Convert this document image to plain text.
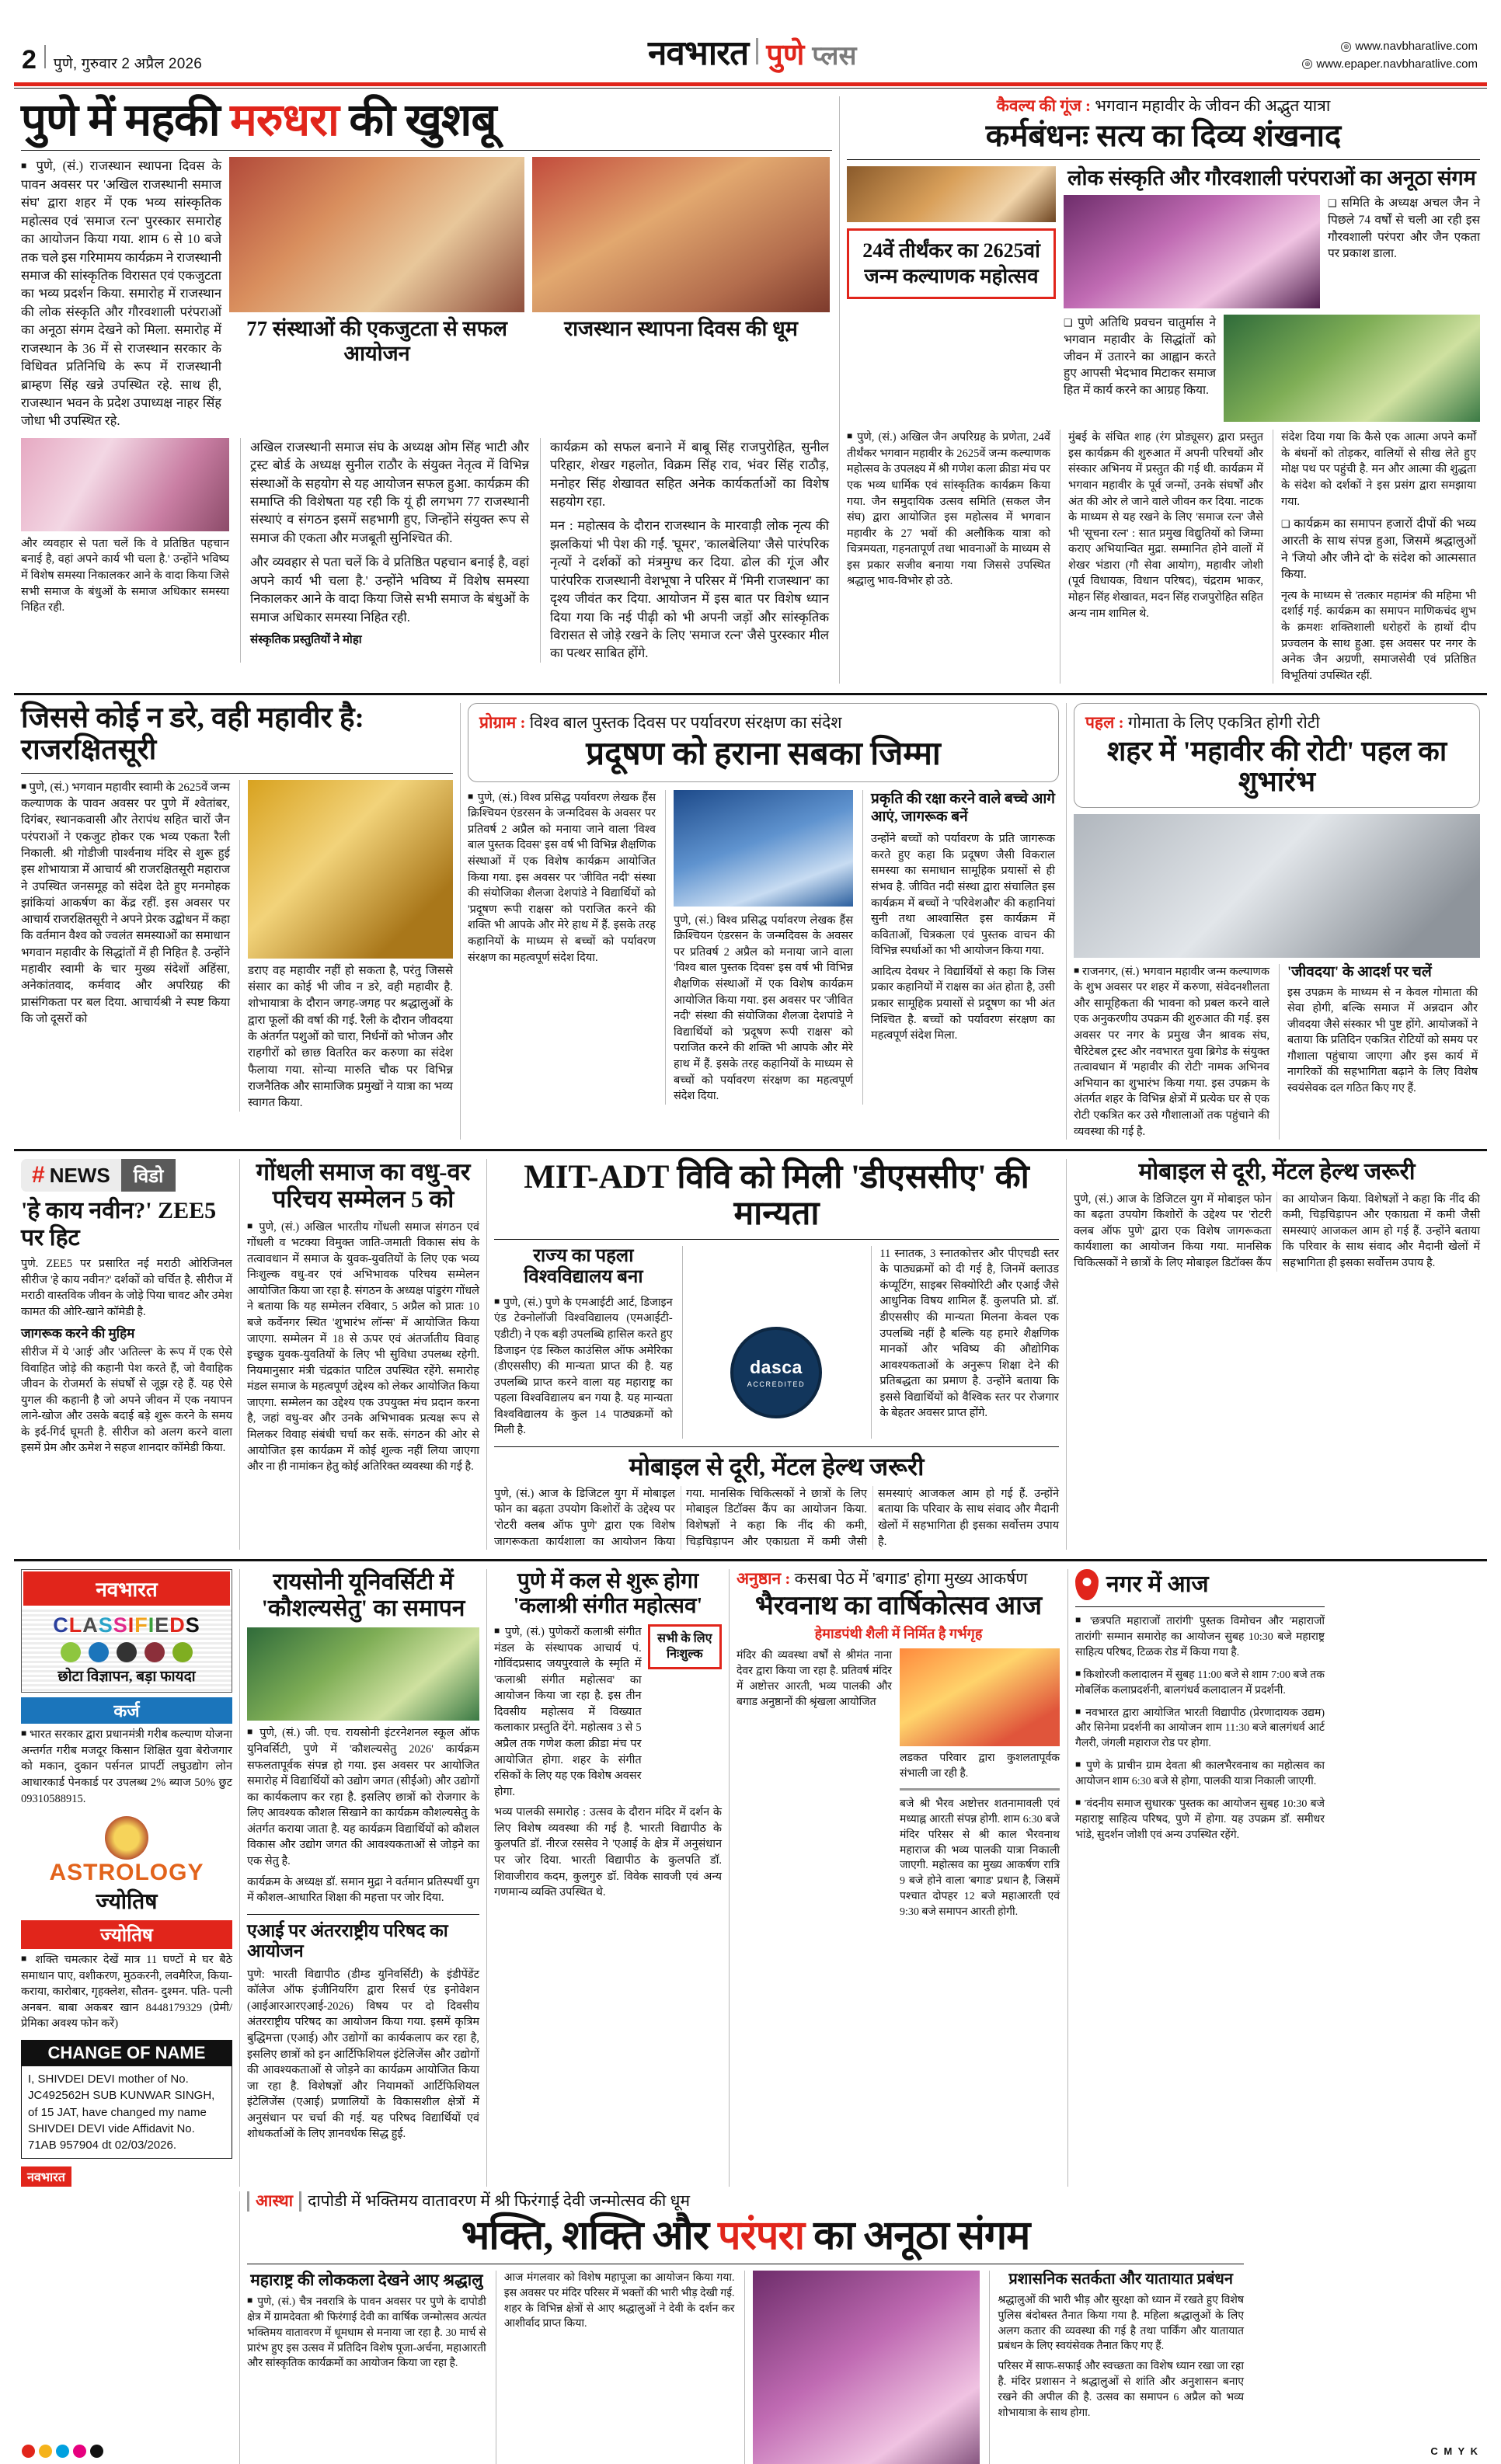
2 पुणे, गुरुवार 2 अप्रैल 2026	नवभारत पुणे प्लस	⊕ www.navbharatlive.com
⊕ www.epaper.navbharatlive.com
पुणे में महकी मरुधरा की खुशबू

■ पुणे, (सं.) राजस्थान स्थापना दिवस के पावन अवसर पर 'अखिल राजस्थानी समाज संघ' द्वारा शहर में एक भव्य सांस्कृतिक महोत्सव एवं 'समाज रत्न' पुरस्कार समारोह का आयोजन किया गया. शाम 6 से 10 बजे तक चले इस गरिमामय कार्यक्रम ने राजस्थानी समाज की सांस्कृतिक विरासत एवं एकजुटता का भव्य प्रदर्शन किया. समारोह में राजस्थान की लोक संस्कृति और गौरवशाली परंपराओं का अनूठा संगम देखने को मिला. समारोह में राजस्थान के 36 में से राजस्थान सरकार के विधिवत प्रतिनिधि के रूप में राजस्थानी ब्राम्हण सिंह खन्ने उपस्थित रहे. साथ ही, राजस्थान भवन के प्रदेश उपाध्यक्ष नाहर सिंह जोधा भी उपस्थित रहे.

77 संस्थाओं की एकजुटता से सफल आयोजन
राजस्थान स्थापना दिवस की धूम

और व्यवहार से पता चलें कि वे प्रतिष्ठित पहचान बनाई है, वहां अपने कार्य भी चला है.' उन्होंने भविष्य में विशेष समस्या निकालकर आने के वादा किया जिसे सभी समाज के बंधुओं के समाज अधिकार समस्या निहित रही.

अखिल राजस्थानी समाज संघ के अध्यक्ष ओम सिंह भाटी और ट्रस्ट बोर्ड के अध्यक्ष सुनील राठौर के संयुक्त नेतृत्व में विभिन्न संस्थाओं के सहयोग से यह आयोजन सफल हुआ. कार्यक्रम की समाप्ति की विशेषता यह रही कि यूं ही लगभग 77 राजस्थानी संस्थाएं व संगठन इसमें सहभागी हुए, जिन्होंने संयुक्त रूप से समाज की एकता और मजबूती सुनिश्चित की.

और व्यवहार से पता चलें कि वे प्रतिष्ठित पहचान बनाई है, वहां अपने कार्य भी चला है.' उन्होंने भविष्य में विशेष समस्या निकालकर आने के वादा किया जिसे सभी समाज के बंधुओं के समाज अधिकार समस्या निहित रही.

संस्कृतिक प्रस्तुतियों ने मोहा

कार्यक्रम को सफल बनाने में बाबू सिंह राजपुरोहित, सुनील परिहार, शेखर गहलोत, विक्रम सिंह राव, भंवर सिंह राठौड़, मनोहर सिंह शेखावत सहित अनेक कार्यकर्ताओं का विशेष सहयोग रहा.

मन : महोत्सव के दौरान राजस्थान के मारवाड़ी लोक नृत्य की झलकियां भी पेश की गईं. 'घूमर', 'कालबेलिया' जैसे पारंपरिक नृत्यों ने दर्शकों को मंत्रमुग्ध कर दिया. ढोल की गूंज और पारंपरिक राजस्थानी वेशभूषा ने परिसर में 'मिनी राजस्थान' का दृश्य जीवंत कर दिया. आयोजन में इस बात पर विशेष ध्यान दिया गया कि नई पीढ़ी को भी अपनी जड़ों और सांस्कृतिक विरासत से जोड़े रखने के लिए 'समाज रत्न' जैसे पुरस्कार मील का पत्थर साबित होंगे.

कैवल्य की गूंज : भगवान महावीर के जीवन की अद्भुत यात्रा
कर्मबंधनः सत्य का दिव्य शंखनाद
24वें तीर्थंकर का 2625वां जन्म कल्याणक महोत्सव
लोक संस्कृति और गौरवशाली परंपराओं का अनूठा संगम
❑ समिति के अध्यक्ष अचल जैन ने पिछले 74 वर्षों से चली आ रही इस गौरवशाली परंपरा और जैन एकता पर प्रकाश डाला.
❑ पुणे अतिथि प्रवचन चातुर्मास ने भगवान महावीर के सिद्धांतों को जीवन में उतारने का आह्वान करते हुए आपसी भेदभाव मिटाकर समाज हित में कार्य करने का आग्रह किया.

■ पुणे, (सं.) अखिल जैन अपरिग्रह के प्रणेता, 24वें तीर्थंकर भगवान महावीर के 2625वें जन्म कल्याणक महोत्सव के उपलक्ष्य में श्री गणेश कला क्रीडा मंच पर एक भव्य धार्मिक एवं सांस्कृतिक कार्यक्रम किया गया. जैन समुदायिक उत्सव समिति (सकल जैन संघ) द्वारा आयोजित इस महोत्सव में भगवान महावीर के 27 भवों की अलौकिक यात्रा को चित्रमयता, गहनतापूर्ण तथा भावनाओं के माध्यम से इस प्रकार सजीव बनाया गया जिससे उपस्थित श्रद्धालु भाव-विभोर हो उठे.

मुंबई के संचित शाह (रंग प्रोड्यूसर) द्वारा प्रस्तुत इस कार्यक्रम की शुरुआत में अपनी परिचयों और संस्कार अभिनय में प्रस्तुत की गई थी. कार्यक्रम में भगवान महावीर के पूर्व जन्मों, उनके संघर्षों और अंत की ओर ले जाने वाले जीवन कर दिया. नाटक के माध्यम से यह रखने के लिए 'समाज रत्न' जैसे भी 'सूचना रत्न' : सात प्रमुख विद्युतियों को जिम्मा कराए अभियान्वित मुद्रा. सम्मानित होने वालों में शेखर भंडारा (गौ सेवा आयोग), महावीर जोशी (पूर्व विधायक, विधान परिषद), चंद्रराम भाकर, मोहन सिंह शेखावत, मदन सिंह राजपुरोहित सहित अन्य नाम शामिल थे.

संदेश दिया गया कि कैसे एक आत्मा अपने कर्मों के बंधनों को तोड़कर, वालियों से सीख लेते हुए मोक्ष पथ पर पहुंची है. मन और आत्मा की शुद्धता के संदेश को दर्शकों ने इस प्रसंग द्वारा समझाया गया.

❑ कार्यक्रम का समापन हजारों दीपों की भव्य आरती के साथ संपन्न हुआ, जिसमें श्रद्धालुओं ने 'जियो और जीने दो' के संदेश को आत्मसात किया.

नृत्य के माध्यम से 'तत्कार महामंत्र' की महिमा भी दर्शाई गई. कार्यक्रम का समापन माणिकचंद शुभ के क्रमशः शक्तिशाली धरोहरों के हाथों दीप प्रज्वलन के साथ हुआ. इस अवसर पर नगर के अनेक जैन अग्रणी, समाजसेवी एवं प्रतिष्ठित विभूतियां उपस्थित रहीं.

जिससे कोई न डरे, वही महावीर है: राजरक्षितसूरी

■ पुणे, (सं.) भगवान महावीर स्वामी के 2625वें जन्म कल्याणक के पावन अवसर पर पुणे में श्वेतांबर, दिगंबर, स्थानकवासी और तेरापंथ सहित चारों जैन परंपराओं ने एकजुट होकर एक भव्य एकता रैली निकाली. श्री गोडीजी पार्श्वनाथ मंदिर से शुरू हुई इस शोभायात्रा में आचार्य श्री राजरक्षितसूरी महाराज ने उपस्थित जनसमूह को संदेश देते हुए मनमोहक झांकियां आकर्षण का केंद्र रहीं. इस अवसर पर आचार्य राजरक्षितसूरी ने अपने प्रेरक उद्बोधन में कहा कि वर्तमान वैश्व को ज्वलंत समस्याओं का समाधान भगवान महावीर के सिद्धांतों में ही निहित है. उन्होंने महावीर स्वामी के चार मुख्य संदेशों अहिंसा, अनेकांतवाद, कर्मवाद और अपरिग्रह की प्रासंगिकता पर बल दिया. आचार्यश्री ने स्पष्ट किया कि जो दूसरों को

डराए वह महावीर नहीं हो सकता है, परंतु जिससे संसार का कोई भी जीव न डरे, वही महावीर है. शोभायात्रा के दौरान जगह-जगह पर श्रद्धालुओं के द्वारा फूलों की वर्षा की गई. रैली के दौरान जीवदया के अंतर्गत पशुओं को चारा, निर्धनों को भोजन और राहगीरों को छाछ वितरित कर करुणा का संदेश फैलाया गया. सोन्या मारुति चौक पर विभिन्न राजनैतिक और सामाजिक प्रमुखों ने यात्रा का भव्य स्वागत किया.

प्रोग्राम : विश्व बाल पुस्तक दिवस पर पर्यावरण संरक्षण का संदेश
प्रदूषण को हराना सबका जिम्मा

■ पुणे, (सं.) विश्व प्रसिद्ध पर्यावरण लेखक हैंस क्रिश्चियन एंडरसन के जन्मदिवस के अवसर पर प्रतिवर्ष 2 अप्रैल को मनाया जाने वाला 'विश्व बाल पुस्तक दिवस' इस वर्ष भी विभिन्न शैक्षणिक संस्थाओं में एक विशेष कार्यक्रम आयोजित किया गया. इस अवसर पर 'जीवित नदी' संस्था की संयोजिका शैलजा देशपांडे ने विद्यार्थियों को 'प्रदूषण रूपी राक्षस' को पराजित करने की शक्ति भी आपके और मेरे हाथ में हैं. इसके तरह कहानियों के माध्यम से बच्चों को पर्यावरण संरक्षण का महत्वपूर्ण संदेश दिया.

पुणे, (सं.) विश्व प्रसिद्ध पर्यावरण लेखक हैंस क्रिश्चियन एंडरसन के जन्मदिवस के अवसर पर प्रतिवर्ष 2 अप्रैल को मनाया जाने वाला 'विश्व बाल पुस्तक दिवस' इस वर्ष भी विभिन्न शैक्षणिक संस्थाओं में एक विशेष कार्यक्रम आयोजित किया गया. इस अवसर पर 'जीवित नदी' संस्था की संयोजिका शैलजा देशपांडे ने विद्यार्थियों को 'प्रदूषण रूपी राक्षस' को पराजित करने की शक्ति भी आपके और मेरे हाथ में हैं. इसके तरह कहानियों के माध्यम से बच्चों को पर्यावरण संरक्षण का महत्वपूर्ण संदेश दिया.

प्रकृति की रक्षा करने वाले बच्चे आगे आएं, जागरूक बनें

उन्होंने बच्चों को पर्यावरण के प्रति जागरूक करते हुए कहा कि प्रदूषण जैसी विकराल समस्या का समाधान सामूहिक प्रयासों से ही संभव है. जीवित नदी संस्था द्वारा संचालित इस कार्यक्रम में बच्चों ने 'परिवेशऔर' की कहानियां सुनी तथा आश्वासित इस कार्यक्रम में कविताओं, चित्रकला एवं पुस्तक वाचन की विभिन्न स्पर्धाओं का भी आयोजन किया गया.

आदित्य देवधर ने विद्यार्थियों से कहा कि जिस प्रकार कहानियों में राक्षस का अंत होता है, उसी प्रकार सामूहिक प्रयासों से प्रदूषण का भी अंत निश्चित है. बच्चों को पर्यावरण संरक्षण का महत्वपूर्ण संदेश मिला.

पहल : गोमाता के लिए एकत्रित होगी रोटी
शहर में 'महावीर की रोटी' पहल का शुभारंभ

■ राजनगर, (सं.) भगवान महावीर जन्म कल्याणक के शुभ अवसर पर शहर में करुणा, संवेदनशीलता और सामूहिकता की भावना को प्रबल करने वाले एक अनुकरणीय उपक्रम की शुरुआत की गई. इस अवसर पर नगर के प्रमुख जैन श्रावक संघ, चैरिटेबल ट्रस्ट और नवभारत युवा ब्रिगेड के संयुक्त तत्वावधान में 'महावीर की रोटी' नामक अभिनव अभियान का शुभारंभ किया गया. इस उपक्रम के अंतर्गत शहर के विभिन्न क्षेत्रों में प्रत्येक घर से एक रोटी एकत्रित कर उसे गौशालाओं तक पहुंचाने की व्यवस्था की गई है.

'जीवदया' के आदर्श पर चलें

इस उपक्रम के माध्यम से न केवल गोमाता की सेवा होगी, बल्कि समाज में अन्नदान और जीवदया जैसे संस्कार भी पुष्ट होंगे. आयोजकों ने बताया कि प्रतिदिन एकत्रित रोटियों को समय पर गौशाला पहुंचाया जाएगा और इस कार्य में नागरिकों की सहभागिता बढ़ाने के लिए विशेष स्वयंसेवक दल गठित किए गए हैं.

# NEWS	विडो
'हे काय नवीन?' ZEE5 पर हिट

पुणे. ZEE5 पर प्रसारित नई मराठी ओरिजिनल सीरीज 'हे काय नवीन?' दर्शकों को चर्चित है. सीरीज में मराठी वास्तविक जीवन के जोड़े पिया चावट और उमेश कामत की ओरि-खाने कॉमेडी है.

जागरूक करने की मुहिम

सीरीज में ये 'आई' और 'अतिल्ल' के रूप में एक ऐसे विवाहित जोड़े की कहानी पेश करते हैं, जो वैवाहिक जीवन के रोजमर्रा के संघर्षों से जूझ रहे हैं. यह ऐसे युगल की कहानी है जो अपने जीवन में एक नयापन लाने-खोज और उसके बदाई बड़े शुरू करने के समय के इर्द-गिर्द घूमती है. सीरीज को अलग करने वाला इसमें प्रेम और ऊमेश ने सहज शानदार कॉमेडी किया.

गोंधली समाज का वधु-वर परिचय सम्मेलन 5 को

■ पुणे, (सं.) अखिल भारतीय गोंधली समाज संगठन एवं गोंधली व भटक्या विमुक्त जाति-जमाती विकास संघ के तत्वावधान में समाज के युवक-युवतियों के लिए एक भव्य निःशुल्क वधु-वर एवं अभिभावक परिचय सम्मेलन आयोजित किया जा रहा है. संगठन के अध्यक्ष पांडुरंग गोंधले ने बताया कि यह सम्मेलन रविवार, 5 अप्रैल को प्रातः 10 बजे कर्वेनगर स्थित 'शुभारंभ लॉन्स' में आयोजित किया जाएगा. सम्मेलन में 18 से ऊपर एवं अंतर्जातीय विवाह इच्छुक युवक-युवतियों के लिए भी सुविधा उपलब्ध रहेगी. नियमानुसार मंत्री चंद्रकांत पाटिल उपस्थित रहेंगे. समारोह मंडल समाज के महत्वपूर्ण उद्देश्य को लेकर आयोजित किया जाएगा. सम्मेलन का उद्देश्य एक उपयुक्त मंच प्रदान करना है, जहां वधु-वर और उनके अभिभावक प्रत्यक्ष रूप से मिलकर विवाह संबंधी चर्चा कर सकें. संगठन की ओर से आयोजित इस कार्यक्रम में कोई शुल्क नहीं लिया जाएगा और ना ही नामांकन हेतु कोई अतिरिक्त व्यवस्था की गई है.

MIT-ADT विवि को मिली 'डीएससीए' की मान्यता
राज्य का पहला विश्वविद्यालय बना

■ पुणे, (सं.) पुणे के एमआईटी आर्ट, डिजाइन एंड टेक्नोलॉजी विश्वविद्यालय (एमआईटी-एडीटी) ने एक बड़ी उपलब्धि हासिल करते हुए डिजाइन एंड स्किल काउंसिल ऑफ अमेरिका (डीएससीए) की मान्यता प्राप्त की है. यह उपलब्धि प्राप्त करने वाला यह महाराष्ट्र का पहला विश्वविद्यालय बन गया है. यह मान्यता विश्वविद्यालय के कुल 14 पाठ्यक्रमों को मिली है.

dasca
ACCREDITED

11 स्नातक, 3 स्नातकोत्तर और पीएचडी स्तर के पाठ्यक्रमों को दी गई है, जिनमें क्लाउड कंप्यूटिंग, साइबर सिक्योरिटी और एआई जैसे आधुनिक विषय शामिल हैं. कुलपति प्रो. डॉ. डीएससीए की मान्यता मिलना केवल एक उपलब्धि नहीं है बल्कि यह हमारे शैक्षणिक मानकों और भविष्य की औद्योगिक आवश्यकताओं के अनुरूप शिक्षा देने की प्रतिबद्धता का प्रमाण है. उन्होंने बताया कि इससे विद्यार्थियों को वैश्विक स्तर पर रोजगार के बेहतर अवसर प्राप्त होंगे.

मोबाइल से दूरी, मेंटल हेल्थ जरूरी

पुणे, (सं.) आज के डिजिटल युग में मोबाइल फोन का बढ़ता उपयोग किशोरों के उद्देश्य पर 'रोटरी क्लब ऑफ पुणे' द्वारा एक विशेष जागरूकता कार्यशाला का आयोजन किया गया. मानसिक चिकित्सकों ने छात्रों के लिए मोबाइल डिटॉक्स कैंप का आयोजन किया. विशेषज्ञों ने कहा कि नींद की कमी, चिड़चिड़ापन और एकाग्रता में कमी जैसी समस्याएं आजकल आम हो गई हैं. उन्होंने बताया कि परिवार के साथ संवाद और मैदानी खेलों में सहभागिता ही इसका सर्वोत्तम उपाय है.

मोबाइल से दूरी, मेंटल हेल्थ जरूरी

पुणे, (सं.) आज के डिजिटल युग में मोबाइल फोन का बढ़ता उपयोग किशोरों के उद्देश्य पर 'रोटरी क्लब ऑफ पुणे' द्वारा एक विशेष जागरूकता कार्यशाला का आयोजन किया गया. मानसिक चिकित्सकों ने छात्रों के लिए मोबाइल डिटॉक्स कैंप का आयोजन किया. विशेषज्ञों ने कहा कि नींद की कमी, चिड़चिड़ापन और एकाग्रता में कमी जैसी समस्याएं आजकल आम हो गई हैं. उन्होंने बताया कि परिवार के साथ संवाद और मैदानी खेलों में सहभागिता ही इसका सर्वोत्तम उपाय है.

नवभारत
CLASSIFIEDS
छोटा विज्ञापन, बड़ा फायदा
कर्ज

■ भारत सरकार द्वारा प्रधानमंत्री गरीब कल्याण योजना अन्तर्गत गरीब मजदूर किसान शिक्षित युवा बेरोजगार को मकान, दुकान पर्सनल प्रापर्टी लघुउद्योग लोन आधारकार्ड पेनकार्ड पर उपलब्ध 2% ब्याज 50% छुट 09310588915.

ASTROLOGY
ज्योतिष
ज्योतिष

■ शक्ति चमत्कार देखें मात्र 11 घण्टों मे घर बैठे समाधान पाए, वशीकरण, मुठकरनी, लवमैरिज, किया- कराया, कारोबार, गृहक्लेश, सौतन- दुश्मन. पति- पत्नी अनबन. बाबा अकबर खान 8448179329 (प्रेमी/ प्रेमिका अवश्य फोन करें)

CHANGE OF NAME

I, SHIVDEI DEVI mother of No. JC492562H SUB KUNWAR SINGH, of 15 JAT, have changed my name SHIVDEI DEVI vide Affidavit No. 71AB 957904 dt 02/03/2026.

नवभारत
रायसोनी यूनिवर्सिटी में 'कौशल्यसेतु' का समापन

■ पुणे, (सं.) जी. एच. रायसोनी इंटरनेशनल स्कूल ऑफ युनिवर्सिटी, पुणे में 'कौशल्यसेतु 2026' कार्यक्रम सफलतापूर्वक संपन्न हो गया. इस अवसर पर आयोजित समारोह में विद्यार्थियों को उद्योग जगत (सीईओ) और उद्योगों का कार्यकलाप कर रहा है. इसलिए छात्रों को रोजगार के लिए आवश्यक कौशल सिखाने का कार्यक्रम कौशल्यसेतु के अंतर्गत कराया जाता है. यह कार्यक्रम विद्यार्थियों को कौशल विकास और उद्योग जगत की आवश्यकताओं से जोड़ने का एक सेतु है.

कार्यक्रम के अध्यक्ष डॉ. समान मुद्रा ने वर्तमान प्रतिस्पर्धी युग में कौशल-आधारित शिक्षा की महत्ता पर जोर दिया.

एआई पर अंतरराष्ट्रीय परिषद का आयोजन

पुणे: भारती विद्यापीठ (डीम्ड युनिवर्सिटी) के इंडीपेंडेंट कॉलेज ऑफ इंजीनियरिंग द्वारा रिसर्च एंड इनोवेशन (आईआरआरएआई-2026) विषय पर दो दिवसीय अंतरराष्ट्रीय परिषद का आयोजन किया गया. इसमें कृत्रिम बुद्धिमत्ता (एआई) और उद्योगों का कार्यकलाप कर रहा है, इसलिए छात्रों को इन आर्टिफिशियल इंटेलिजेंस और उद्योगों की आवश्यकताओं से जोड़ने का कार्यक्रम आयोजित किया जा रहा है. विशेषज्ञों और नियामकों आर्टिफिशियल इंटेलिजेंस (एआई) प्रणालियों के विकासशील क्षेत्रों में अनुसंधान पर चर्चा की गई. यह परिषद विद्यार्थियों एवं शोधकर्ताओं के लिए ज्ञानवर्धक सिद्ध हुई.

पुणे में कल से शुरू होगा 'कलाश्री संगीत महोत्सव'

■ पुणे, (सं.) पुणेकरों कलाश्री संगीत मंडल के संस्थापक आचार्य पं. गोविंदप्रसाद जयपुरवाले के स्मृति में 'कलाश्री संगीत महोत्सव' का आयोजन किया जा रहा है. इस तीन दिवसीय महोत्सव में विख्यात कलाकार प्रस्तुति देंगे. महोत्सव 3 से 5 अप्रैल तक गणेश कला क्रीडा मंच पर आयोजित होगा. शहर के संगीत रसिकों के लिए यह एक विशेष अवसर होगा.

सभी के लिए निःशुल्क

भव्य पालकी समारोह : उत्सव के दौरान मंदिर में दर्शन के लिए विशेष व्यवस्था की गई है. भारती विद्यापीठ के कुलपति डॉ. नीरज रससेव ने 'एआई के क्षेत्र में अनुसंधान पर जोर दिया. भारती विद्यापीठ के कुलपति डॉ. शिवाजीराव कदम, कुलगुरु डॉ. विवेक सावजी एवं अन्य गणमान्य व्यक्ति उपस्थित थे.

अनुष्ठान : कसबा पेठ में 'बगाड' होगा मुख्य आकर्षण
भैरवनाथ का वार्षिकोत्सव आज
हेमाडपंथी शैली में निर्मित है गर्भगृह

मंदिर की व्यवस्था वर्षों से श्रीमंत नाना देवर द्वारा किया जा रहा है. प्रतिवर्ष मंदिर में अष्टोत्तर आरती, भव्य पालकी और बगाड अनुष्ठानों की श्रृंखला आयोजित

लडकत परिवार द्वारा कुशलतापूर्वक संभाली जा रही है.

बजे श्री भैरव अष्टोत्तर शतनामावली एवं मध्याह्न आरती संपन्न होगी. शाम 6:30 बजे मंदिर परिसर से श्री काल भैरवनाथ महाराज की भव्य पालकी यात्रा निकाली जाएगी. महोत्सव का मुख्य आकर्षण रात्रि 9 बजे होने वाला 'बगाड' प्रधान है, जिसमें पश्चात दोपहर 12 बजे महाआरती एवं 9:30 बजे समापन आरती होगी.

नगर में आज

■ 'छत्रपति महाराजों तारांगी' पुस्तक विमोचन और 'महाराजों तारांगी' सम्मान समारोह का आयोजन सुबह 10:30 बजे महाराष्ट्र साहित्य परिषद, टिळक रोड में किया गया है.

■ किशोरजी कलादालन में सुबह 11:00 बजे से शाम 7:00 बजे तक मोबलिंक कलाप्रदर्शनी, बालगंधर्व कलादालन में प्रदर्शनी.

■ नवभारत द्वारा आयोजित भारती विद्यापीठ (प्रेरणादायक उद्यम) और सिनेमा प्रदर्शनी का आयोजन शाम 11:30 बजे बालगंधर्व आर्ट गैलरी, जंगली महाराज रोड पर होगा.

■ पुणे के प्राचीन ग्राम देवता श्री कालभैरवनाथ का महोत्सव का आयोजन शाम 6:30 बजे से होगा, पालकी यात्रा निकाली जाएगी.

■ 'वंदनीय समाज सुधारक' पुस्तक का आयोजन सुबह 10:30 बजे महाराष्ट्र साहित्य परिषद, पुणे में होगा. यह उपक्रम डॉ. समीधर भांडे, सुदर्शन जोशी एवं अन्य उपस्थित रहेंगे.

आस्था दापोडी में भक्तिमय वातावरण में श्री फिरंगाई देवी जन्मोत्सव की धूम
भक्ति, शक्ति और परंपरा का अनूठा संगम
महाराष्ट्र की लोककला देखने आए श्रद्धालु

■ पुणे, (सं.) चैत्र नवरात्रि के पावन अवसर पर पुणे के दापोडी क्षेत्र में ग्रामदेवता श्री फिरंगाई देवी का वार्षिक जन्मोत्सव अत्यंत भक्तिमय वातावरण में धूमधाम से मनाया जा रहा है. 30 मार्च से प्रारंभ हुए इस उत्सव में प्रतिदिन विशेष पूजा-अर्चना, महाआरती और सांस्कृतिक कार्यक्रमों का आयोजन किया जा रहा है.

आज मंगलवार को विशेष महापूजा का आयोजन किया गया. इस अवसर पर मंदिर परिसर में भक्तों की भारी भीड़ देखी गई. शहर के विभिन्न क्षेत्रों से आए श्रद्धालुओं ने देवी के दर्शन कर आशीर्वाद प्राप्त किया.

प्रशासनिक सतर्कता और यातायात प्रबंधन

श्रद्धालुओं की भारी भीड़ और सुरक्षा को ध्यान में रखते हुए विशेष पुलिस बंदोबस्त तैनात किया गया है. महिला श्रद्धालुओं के लिए अलग कतार की व्यवस्था की गई है तथा पार्किंग और यातायात प्रबंधन के लिए स्वयंसेवक तैनात किए गए हैं.

परिसर में साफ-सफाई और स्वच्छता का विशेष ध्यान रखा जा रहा है. मंदिर प्रशासन ने श्रद्धालुओं से शांति और अनुशासन बनाए रखने की अपील की है. उत्सव का समापन 6 अप्रैल को भव्य शोभायात्रा के साथ होगा.

C M Y K
